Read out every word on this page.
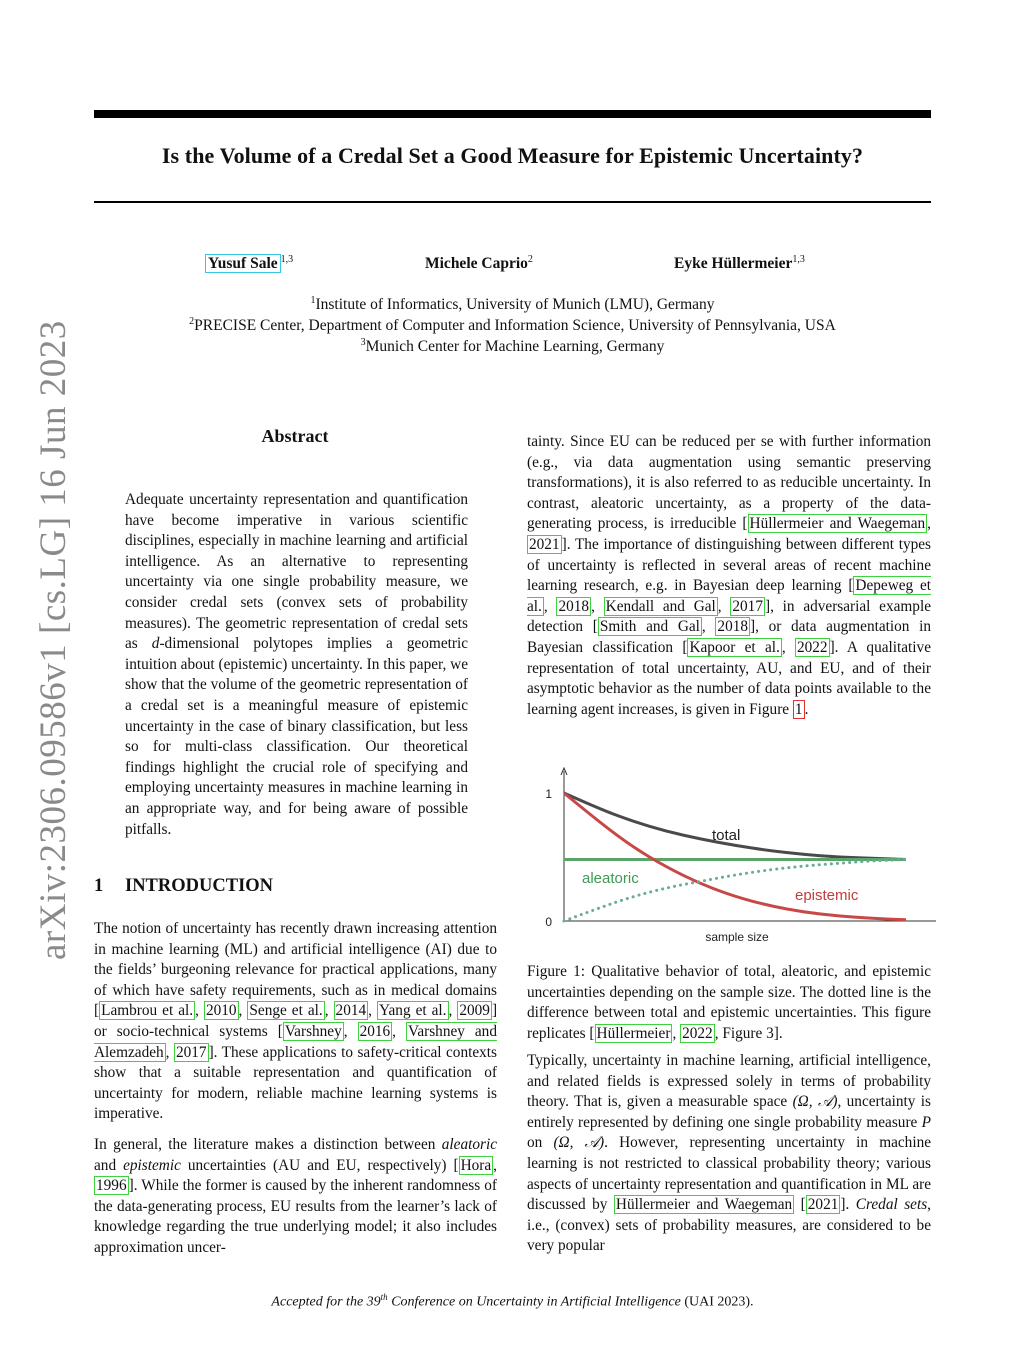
Is the Volume of a Credal Set a Good Measure for Epistemic Uncertainty?
Yusuf Sale $^{1,3}$	Michele Caprio$^2$	Eyke Hüllermeier$^{1,3}$
$^1$Institute of Informatics, University of Munich (LMU), Germany
$^2$PRECISE Center, Department of Computer and Information Science, University of Pennsylvania, USA
$^3$Munich Center for Machine Learning, Germany
arXiv:2306.09586v1 [cs.LG] 16 Jun 2023	Abstract
Adequate uncertainty representation and quantification have become imperative in various scientific disciplines, especially in machine learning and artificial intelligence. As an alternative to representing uncertainty via one single probability measure, we consider credal sets (convex sets of probability measures). The geometric representation of credal sets as d-dimensional polytopes implies a geometric intuition about (epistemic) uncertainty. In this paper, we show that the volume of the geometric representation of a credal set is a meaningful measure of epistemic uncertainty in the case of binary classification, but less so for multi-class classification. Our theoretical findings highlight the crucial role of specifying and employing uncertainty measures in machine learning in an appropriate way, and for being aware of possible pitfalls.
1 INTRODUCTION

The notion of uncertainty has recently drawn increasing attention in machine learning (ML) and artificial intelligence (AI) due to the fields’ burgeoning relevance for practical applications, many of which have safety requirements, such as in medical domains [ Lambrou et al. , 2010 , Senge et al. , 2014 , Yang et al. , 2009 ] or socio-technical systems [ Varshney , 2016 , Varshney and Alemzadeh , 2017 ]. These applications to safety-critical contexts show that a suitable representation and quantification of uncertainty for modern, reliable machine learning systems is imperative.

In general, the literature makes a distinction between aleatoric and epistemic uncertainties (AU and EU, respectively) [ Hora , 1996 ]. While the former is caused by the inherent randomness of the data-generating process, EU results from the learner’s lack of knowledge regarding the true underlying model; it also includes approximation uncer-

tainty. Since EU can be reduced per se with further information (e.g., via data augmentation using semantic preserving transformations), it is also referred to as reducible uncertainty. In contrast, aleatoric uncertainty, as a property of the data-generating process, is irreducible [ Hüllermeier and Waegeman , 2021 ]. The importance of distinguishing between different types of uncertainty is reflected in several areas of recent machine learning research, e.g. in Bayesian deep learning [ Depeweg et al. , 2018 , Kendall and Gal , 2017 ], in adversarial example detection [ Smith and Gal , 2018 ], or data augmentation in Bayesian classification [ Kapoor et al. , 2022 ]. A qualitative representation of total uncertainty, AU, and EU, and of their asymptotic behavior as the number of data points available to the learning agent increases, is given in Figure 1 .

1
0
sample size
total
aleatoric
epistemic

Figure 1: Qualitative behavior of total, aleatoric, and epistemic uncertainties depending on the sample size. The dotted line is the difference between total and epistemic uncertainties. This figure replicates [ Hüllermeier , 2022 , Figure 3].

Typically, uncertainty in machine learning, artificial intelligence, and related fields is expressed solely in terms of probability theory. That is, given a measurable space (Ω, 𝒜), uncertainty is entirely represented by defining one single probability measure P on (Ω, 𝒜). However, representing uncertainty in machine learning is not restricted to classical probability theory; various aspects of uncertainty representation and quantification in ML are discussed by Hüllermeier and Waegeman [ 2021 ]. Credal sets, i.e., (convex) sets of probability measures, are considered to be very popular

Accepted for the 39th Conference on Uncertainty in Artificial Intelligence (UAI 2023).
